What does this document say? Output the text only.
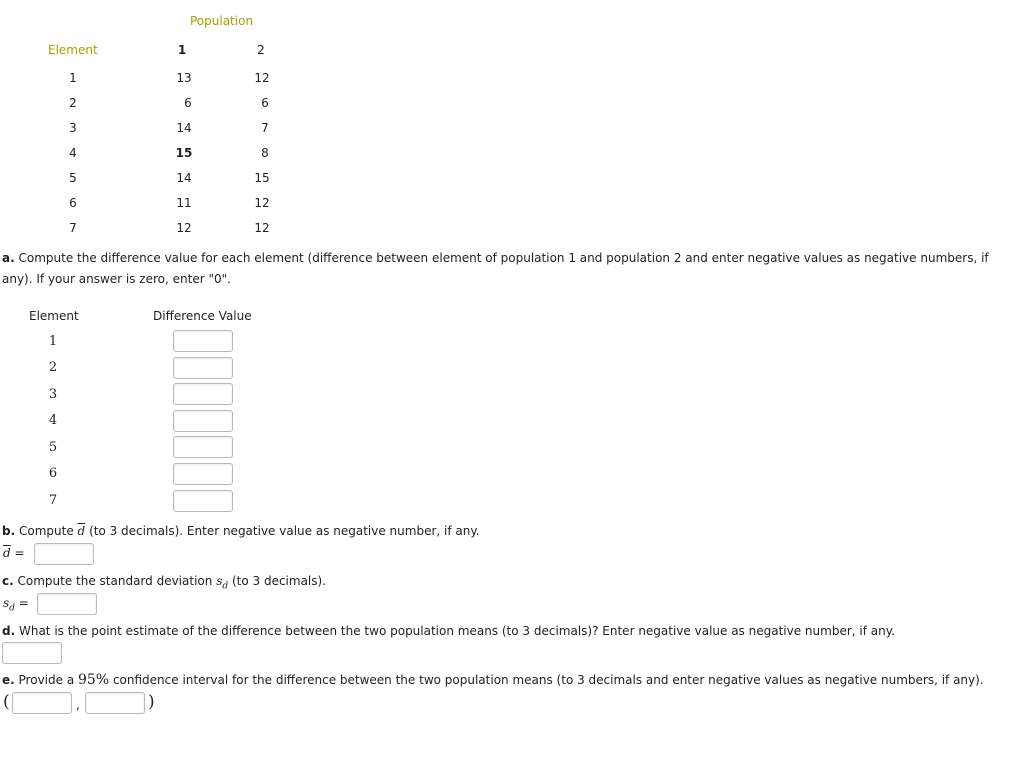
Population
Element	1	2
1	13	12
2	6	6
3	14	7
4	15	8
5	14	15
6	11	12
7	12	12
a. Compute the difference value for each element (difference between element of population 1 and population 2 and enter negative values as negative numbers, if
any). If your answer is zero, enter "0".
Element	Difference Value
1
2
3
4
5
6
7
b. Compute $\overline{d}$ (to 3 decimals). Enter negative value as negative number, if any.
$\overline{d}$ =
c. Compute the standard deviation $s_d$ (to 3 decimals).
$s_d$ =
d. What is the point estimate of the difference between the two population means (to 3 decimals)? Enter negative value as negative number, if any.
e. Provide a 95% confidence interval for the difference between the two population means (to 3 decimals and enter negative values as negative numbers, if any).
(	,	)
